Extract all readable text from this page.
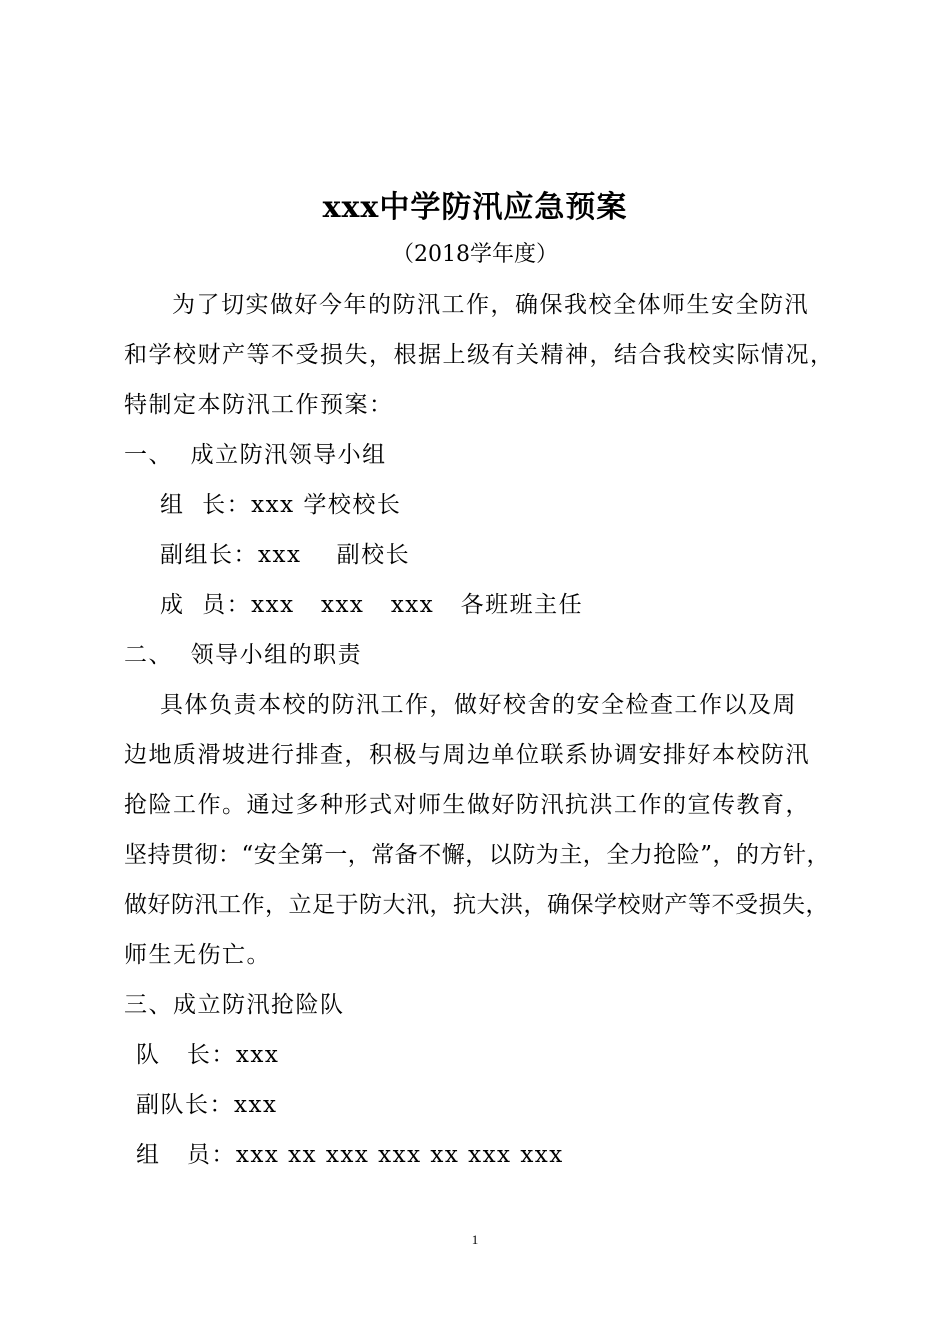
xxx中学防汛应急预案
（2018学年度）
为了切实做好今年的防汛工作，确保我校全体师生安全防汛
和学校财产等不受损失，根据上级有关精神，结合我校实际情况，
特制定本防汛工作预案：
一、  成立防汛领导小组
组  长：xxx 学校校长
副组长：xxx    副校长
成  员：xxx   xxx   xxx   各班班主任
二、  领导小组的职责
具体负责本校的防汛工作，做好校舍的安全检查工作以及周
边地质滑坡进行排查，积极与周边单位联系协调安排好本校防汛
抢险工作。通过多种形式对师生做好防汛抗洪工作的宣传教育，
坚持贯彻：“安全第一，常备不懈，以防为主，全力抢险”，的方针，
做好防汛工作，立足于防大汛，抗大洪，确保学校财产等不受损失，
师生无伤亡。
三、成立防汛抢险队
队   长：xxx
副队长：xxx
组   员：xxx xx xxx xxx xx xxx xxx
1
